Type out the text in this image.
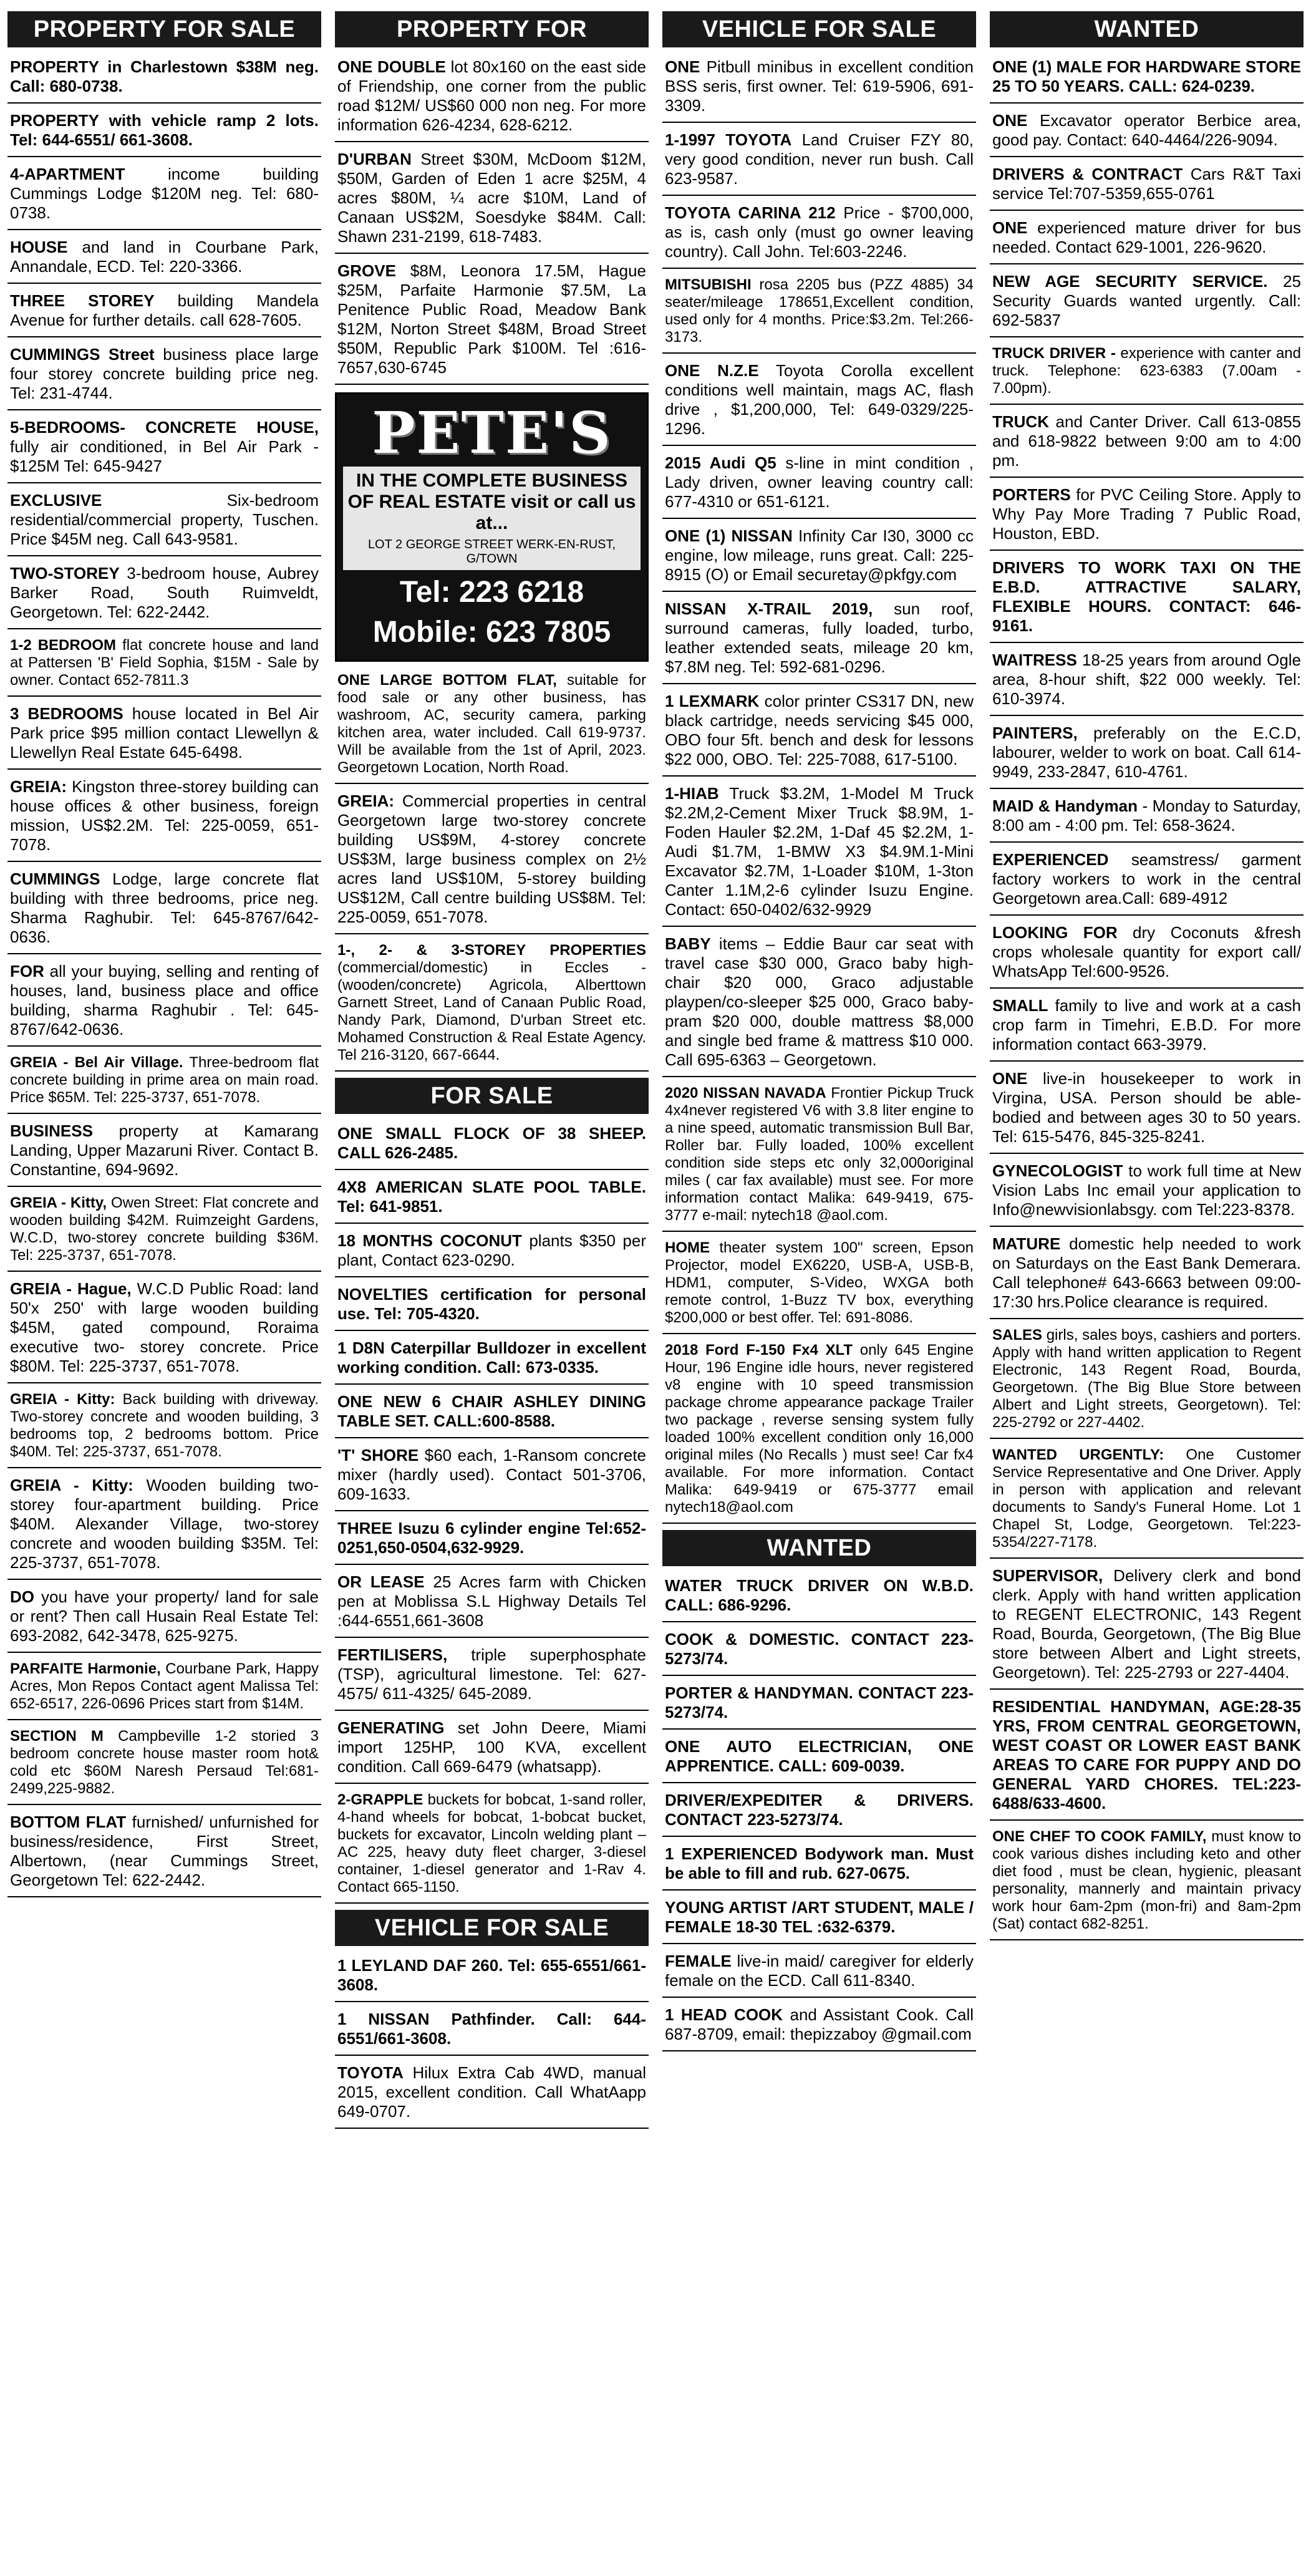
PROPERTY FOR SALE
PROPERTY in Charlestown $38M neg. Call: 680-0738.
PROPERTY with vehicle ramp 2 lots. Tel: 644-6551/ 661-3608.
4-APARTMENT income building Cummings Lodge $120M neg. Tel: 680-0738.
HOUSE and land in Courbane Park, Annandale, ECD. Tel: 220-3366.
THREE STOREY building Mandela Avenue for further details. call 628-7605.
CUMMINGS Street business place large four storey concrete building price neg. Tel: 231-4744.
5-BEDROOMS- CONCRETE HOUSE, fully air conditioned, in Bel Air Park - $125M Tel: 645-9427
EXCLUSIVE Six-bedroom residential/commercial property, Tuschen. Price $45M neg. Call 643-9581.
TWO-STOREY 3-bedroom house, Aubrey Barker Road, South Ruimveldt, Georgetown. Tel: 622-2442.
1-2 BEDROOM flat concrete house and land at Pattersen 'B' Field Sophia, $15M - Sale by owner. Contact 652-7811.3
3 BEDROOMS house located in Bel Air Park price $95 million contact Llewellyn & Llewellyn Real Estate 645-6498.
GREIA: Kingston three-storey building can house offices & other business, foreign mission, US$2.2M. Tel: 225-0059, 651-7078.
CUMMINGS Lodge, large concrete flat building with three bedrooms, price neg. Sharma Raghubir. Tel: 645-8767/642-0636.
FOR all your buying, selling and renting of houses, land, business place and office building, sharma Raghubir . Tel: 645-8767/642-0636.
GREIA - Bel Air Village. Three-bedroom flat concrete building in prime area on main road. Price $65M. Tel: 225-3737, 651-7078.
BUSINESS property at Kamarang Landing, Upper Mazaruni River. Contact B. Constantine, 694-9692.
GREIA - Kitty, Owen Street: Flat concrete and wooden building $42M. Ruimzeight Gardens, W.C.D, two-storey concrete building $36M. Tel: 225-3737, 651-7078.
GREIA - Hague, W.C.D Public Road: land 50'x 250' with large wooden building $45M, gated compound, Roraima executive two- storey concrete. Price $80M. Tel: 225-3737, 651-7078.
GREIA - Kitty: Back building with driveway. Two-storey concrete and wooden building, 3 bedrooms top, 2 bedrooms bottom. Price $40M. Tel: 225-3737, 651-7078.
GREIA - Kitty: Wooden building two-storey four-apartment building. Price $40M. Alexander Village, two-storey concrete and wooden building $35M. Tel: 225-3737, 651-7078.
DO you have your property/ land for sale or rent? Then call Husain Real Estate Tel: 693-2082, 642-3478, 625-9275.
PARFAITE Harmonie, Courbane Park, Happy Acres, Mon Repos Contact agent Malissa Tel: 652-6517, 226-0696 Prices start from $14M.
SECTION M Campbeville 1-2 storied 3 bedroom concrete house master room hot& cold etc $60M Naresh Persaud Tel:681-2499,225-9882.
BOTTOM FLAT furnished/ unfurnished for business/residence, First Street, Albertown, (near Cummings Street, Georgetown Tel: 622-2442.
PROPERTY FOR
ONE DOUBLE lot 80x160 on the east side of Friendship, one corner from the public road $12M/ US$60 000 non neg. For more information 626-4234, 628-6212.
D'URBAN Street $30M, McDoom $12M, $50M, Garden of Eden 1 acre $25M, 4 acres $80M, ¼ acre $10M, Land of Canaan US$2M, Soesdyke $84M. Call: Shawn 231-2199, 618-7483.
GROVE $8M, Leonora 17.5M, Hague $25M, Parfaite Harmonie $7.5M, La Penitence Public Road, Meadow Bank $12M, Norton Street $48M, Broad Street $50M, Republic Park $100M. Tel :616-7657,630-6745
PETE'S
IN THE COMPLETE BUSINESS OF REAL ESTATE visit or call us at...
LOT 2 GEORGE STREET WERK-EN-RUST, G/TOWN
Tel: 223 6218
Mobile: 623 7805
ONE LARGE BOTTOM FLAT, suitable for food sale or any other business, has washroom, AC, security camera, parking kitchen area, water included. Call 619-9737. Will be available from the 1st of April, 2023. Georgetown Location, North Road.
GREIA: Commercial properties in central Georgetown large two-storey concrete building US$9M, 4-storey concrete US$3M, large business complex on 2½ acres land US$10M, 5-storey building US$12M, Call centre building US$8M. Tel: 225-0059, 651-7078.
1-, 2- & 3-STOREY PROPERTIES (commercial/domestic) in Eccles - (wooden/concrete) Agricola, Alberttown Garnett Street, Land of Canaan Public Road, Nandy Park, Diamond, D'urban Street etc. Mohamed Construction & Real Estate Agency. Tel 216-3120, 667-6644.
FOR SALE
ONE SMALL FLOCK OF 38 SHEEP. CALL 626-2485.
4X8 AMERICAN SLATE POOL TABLE. Tel: 641-9851.
18 MONTHS COCONUT plants $350 per plant, Contact 623-0290.
NOVELTIES certification for personal use. Tel: 705-4320.
1 D8N Caterpillar Bulldozer in excellent working condition. Call: 673-0335.
ONE NEW 6 CHAIR ASHLEY DINING TABLE SET. CALL:600-8588.
'T' SHORE $60 each, 1-Ransom concrete mixer (hardly used). Contact 501-3706, 609-1633.
THREE Isuzu 6 cylinder engine Tel:652-0251,650-0504,632-9929.
OR LEASE 25 Acres farm with Chicken pen at Moblissa S.L Highway Details Tel :644-6551,661-3608
FERTILISERS, triple superphosphate (TSP), agricultural limestone. Tel: 627-4575/ 611-4325/ 645-2089.
GENERATING set John Deere, Miami import 125HP, 100 KVA, excellent condition. Call 669-6479 (whatsapp).
2-GRAPPLE buckets for bobcat, 1-sand roller, 4-hand wheels for bobcat, 1-bobcat bucket, buckets for excavator, Lincoln welding plant – AC 225, heavy duty fleet charger, 3-diesel container, 1-diesel generator and 1-Rav 4. Contact 665-1150.
VEHICLE FOR SALE
1 LEYLAND DAF 260. Tel: 655-6551/661-3608.
1 NISSAN Pathfinder. Call: 644-6551/661-3608.
TOYOTA Hilux Extra Cab 4WD, manual 2015, excellent condition. Call WhatAapp 649-0707.
VEHICLE FOR SALE
ONE Pitbull minibus in excellent condition BSS seris, first owner. Tel: 619-5906, 691-3309.
1-1997 TOYOTA Land Cruiser FZY 80, very good condition, never run bush. Call 623-9587.
TOYOTA CARINA 212 Price - $700,000, as is, cash only (must go owner leaving country). Call John. Tel:603-2246.
MITSUBISHI rosa 2205 bus (PZZ 4885) 34 seater/mileage 178651,Excellent condition, used only for 4 months. Price:$3.2m. Tel:266-3173.
ONE N.Z.E Toyota Corolla excellent conditions well maintain, mags AC, flash drive , $1,200,000, Tel: 649-0329/225-1296.
2015 Audi Q5 s-line in mint condition , Lady driven, owner leaving country call: 677-4310 or 651-6121.
ONE (1) NISSAN Infinity Car I30, 3000 cc engine, low mileage, runs great. Call: 225-8915 (O) or Email securetay@pkfgy.com
NISSAN X-TRAIL 2019, sun roof, surround cameras, fully loaded, turbo, leather extended seats, mileage 20 km, $7.8M neg. Tel: 592-681-0296.
1 LEXMARK color printer CS317 DN, new black cartridge, needs servicing $45 000, OBO four 5ft. bench and desk for lessons $22 000, OBO. Tel: 225-7088, 617-5100.
1-HIAB Truck $3.2M, 1-Model M Truck $2.2M,2-Cement Mixer Truck $8.9M, 1-Foden Hauler $2.2M, 1-Daf 45 $2.2M, 1-Audi $1.7M, 1-BMW X3 $4.9M.1-Mini Excavator $2.7M, 1-Loader $10M, 1-3ton Canter 1.1M,2-6 cylinder Isuzu Engine. Contact: 650-0402/632-9929
BABY items – Eddie Baur car seat with travel case $30 000, Graco baby high-chair $20 000, Graco adjustable playpen/co-sleeper $25 000, Graco baby-pram $20 000, double mattress $8,000 and single bed frame & mattress $10 000. Call 695-6363 – Georgetown.
2020 NISSAN NAVADA Frontier Pickup Truck 4x4never registered V6 with 3.8 liter engine to a nine speed, automatic transmission Bull Bar, Roller bar. Fully loaded, 100% excellent condition side steps etc only 32,000original miles ( car fax available) must see. For more information contact Malika: 649-9419, 675-3777 e-mail: nytech18 @aol.com.
HOME theater system 100" screen, Epson Projector, model EX6220, USB-A, USB-B, HDM1, computer, S-Video, WXGA both remote control, 1-Buzz TV box, everything $200,000 or best offer. Tel: 691-8086.
2018 Ford F-150 Fx4 XLT only 645 Engine Hour, 196 Engine idle hours, never registered v8 engine with 10 speed transmission package chrome appearance package Trailer two package , reverse sensing system fully loaded 100% excellent condition only 16,000 original miles (No Recalls ) must see! Car fx4 available. For more information. Contact Malika: 649-9419 or 675-3777 email nytech18@aol.com
WANTED
WATER TRUCK DRIVER ON W.B.D. CALL: 686-9296.
COOK & DOMESTIC. CONTACT 223-5273/74.
PORTER & HANDYMAN. CONTACT 223-5273/74.
ONE AUTO ELECTRICIAN, ONE APPRENTICE. CALL: 609-0039.
DRIVER/EXPEDITER & DRIVERS. CONTACT 223-5273/74.
1 EXPERIENCED Bodywork man. Must be able to fill and rub. 627-0675.
YOUNG ARTIST /ART STUDENT, MALE / FEMALE 18-30 TEL :632-6379.
FEMALE live-in maid/ caregiver for elderly female on the ECD. Call 611-8340.
1 HEAD COOK and Assistant Cook. Call 687-8709, email: thepizzaboy @gmail.com
WANTED
ONE (1) MALE FOR HARDWARE STORE 25 TO 50 YEARS. CALL: 624-0239.
ONE Excavator operator Berbice area, good pay. Contact: 640-4464/226-9094.
DRIVERS & CONTRACT Cars R&T Taxi service Tel:707-5359,655-0761
ONE experienced mature driver for bus needed. Contact 629-1001, 226-9620.
NEW AGE SECURITY SERVICE. 25 Security Guards wanted urgently. Call: 692-5837
TRUCK DRIVER - experience with canter and truck. Telephone: 623-6383 (7.00am - 7.00pm).
TRUCK and Canter Driver. Call 613-0855 and 618-9822 between 9:00 am to 4:00 pm.
PORTERS for PVC Ceiling Store. Apply to Why Pay More Trading 7 Public Road, Houston, EBD.
DRIVERS TO WORK TAXI ON THE E.B.D. ATTRACTIVE SALARY, FLEXIBLE HOURS. CONTACT: 646-9161.
WAITRESS 18-25 years from around Ogle area, 8-hour shift, $22 000 weekly. Tel: 610-3974.
PAINTERS, preferably on the E.C.D, labourer, welder to work on boat. Call 614-9949, 233-2847, 610-4761.
MAID & Handyman - Monday to Saturday, 8:00 am - 4:00 pm. Tel: 658-3624.
EXPERIENCED seamstress/ garment factory workers to work in the central Georgetown area.Call: 689-4912
LOOKING FOR dry Coconuts &fresh crops wholesale quantity for export call/ WhatsApp Tel:600-9526.
SMALL family to live and work at a cash crop farm in Timehri, E.B.D. For more information contact 663-3979.
ONE live-in housekeeper to work in Virgina, USA. Person should be able-bodied and between ages 30 to 50 years. Tel: 615-5476, 845-325-8241.
GYNECOLOGIST to work full time at New Vision Labs Inc email your application to Info@newvisionlabsgy. com Tel:223-8378.
MATURE domestic help needed to work on Saturdays on the East Bank Demerara. Call telephone# 643-6663 between 09:00- 17:30 hrs.Police clearance is required.
SALES girls, sales boys, cashiers and porters. Apply with hand written application to Regent Electronic, 143 Regent Road, Bourda, Georgetown. (The Big Blue Store between Albert and Light streets, Georgetown). Tel: 225-2792 or 227-4402.
WANTED URGENTLY: One Customer Service Representative and One Driver. Apply in person with application and relevant documents to Sandy's Funeral Home. Lot 1 Chapel St, Lodge, Georgetown. Tel:223-5354/227-7178.
SUPERVISOR, Delivery clerk and bond clerk. Apply with hand written application to REGENT ELECTRONIC, 143 Regent Road, Bourda, Georgetown, (The Big Blue store between Albert and Light streets, Georgetown). Tel: 225-2793 or 227-4404.
RESIDENTIAL HANDYMAN, AGE:28-35 YRS, FROM CENTRAL GEORGETOWN, WEST COAST OR LOWER EAST BANK AREAS TO CARE FOR PUPPY AND DO GENERAL YARD CHORES. TEL:223-6488/633-4600.
ONE CHEF TO COOK FAMILY, must know to cook various dishes including keto and other diet food , must be clean, hygienic, pleasant personality, mannerly and maintain privacy work hour 6am-2pm (mon-fri) and 8am-2pm (Sat) contact 682-8251.
